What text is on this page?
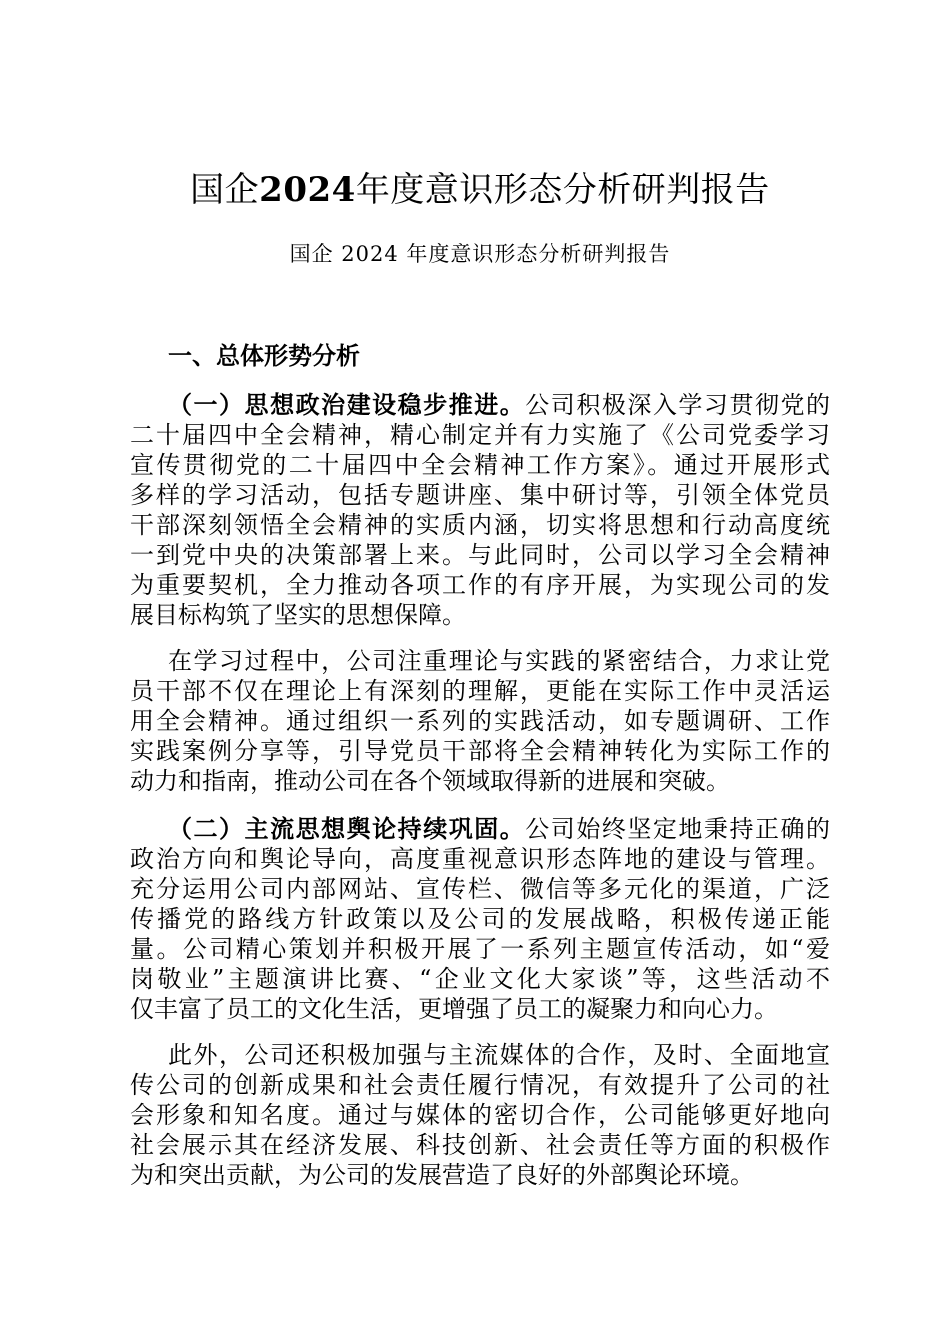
国企2024年度意识形态分析研判报告

国企 2024 年度意识形态分析研判报告

一、总体形势分析
（一）思想政治建设稳步推进。公司积极深入学习贯彻党的
二十届四中全会精神，精心制定并有力实施了《公司党委学习
宣传贯彻党的二十届四中全会精神工作方案》。通过开展形式
多样的学习活动，包括专题讲座、集中研讨等，引领全体党员
干部深刻领悟全会精神的实质内涵，切实将思想和行动高度统
一到党中央的决策部署上来。与此同时，公司以学习全会精神
为重要契机，全力推动各项工作的有序开展，为实现公司的发
展目标构筑了坚实的思想保障。
在学习过程中，公司注重理论与实践的紧密结合，力求让党
员干部不仅在理论上有深刻的理解，更能在实际工作中灵活运
用全会精神。通过组织一系列的实践活动，如专题调研、工作
实践案例分享等，引导党员干部将全会精神转化为实际工作的
动力和指南，推动公司在各个领域取得新的进展和突破。
（二）主流思想舆论持续巩固。公司始终坚定地秉持正确的
政治方向和舆论导向，高度重视意识形态阵地的建设与管理。
充分运用公司内部网站、宣传栏、微信等多元化的渠道，广泛
传播党的路线方针政策以及公司的发展战略，积极传递正能
量。公司精心策划并积极开展了一系列主题宣传活动，如“爱
岗敬业”主题演讲比赛、“企业文化大家谈”等，这些活动不
仅丰富了员工的文化生活，更增强了员工的凝聚力和向心力。
此外，公司还积极加强与主流媒体的合作，及时、全面地宣
传公司的创新成果和社会责任履行情况，有效提升了公司的社
会形象和知名度。通过与媒体的密切合作，公司能够更好地向
社会展示其在经济发展、科技创新、社会责任等方面的积极作
为和突出贡献，为公司的发展营造了良好的外部舆论环境。
